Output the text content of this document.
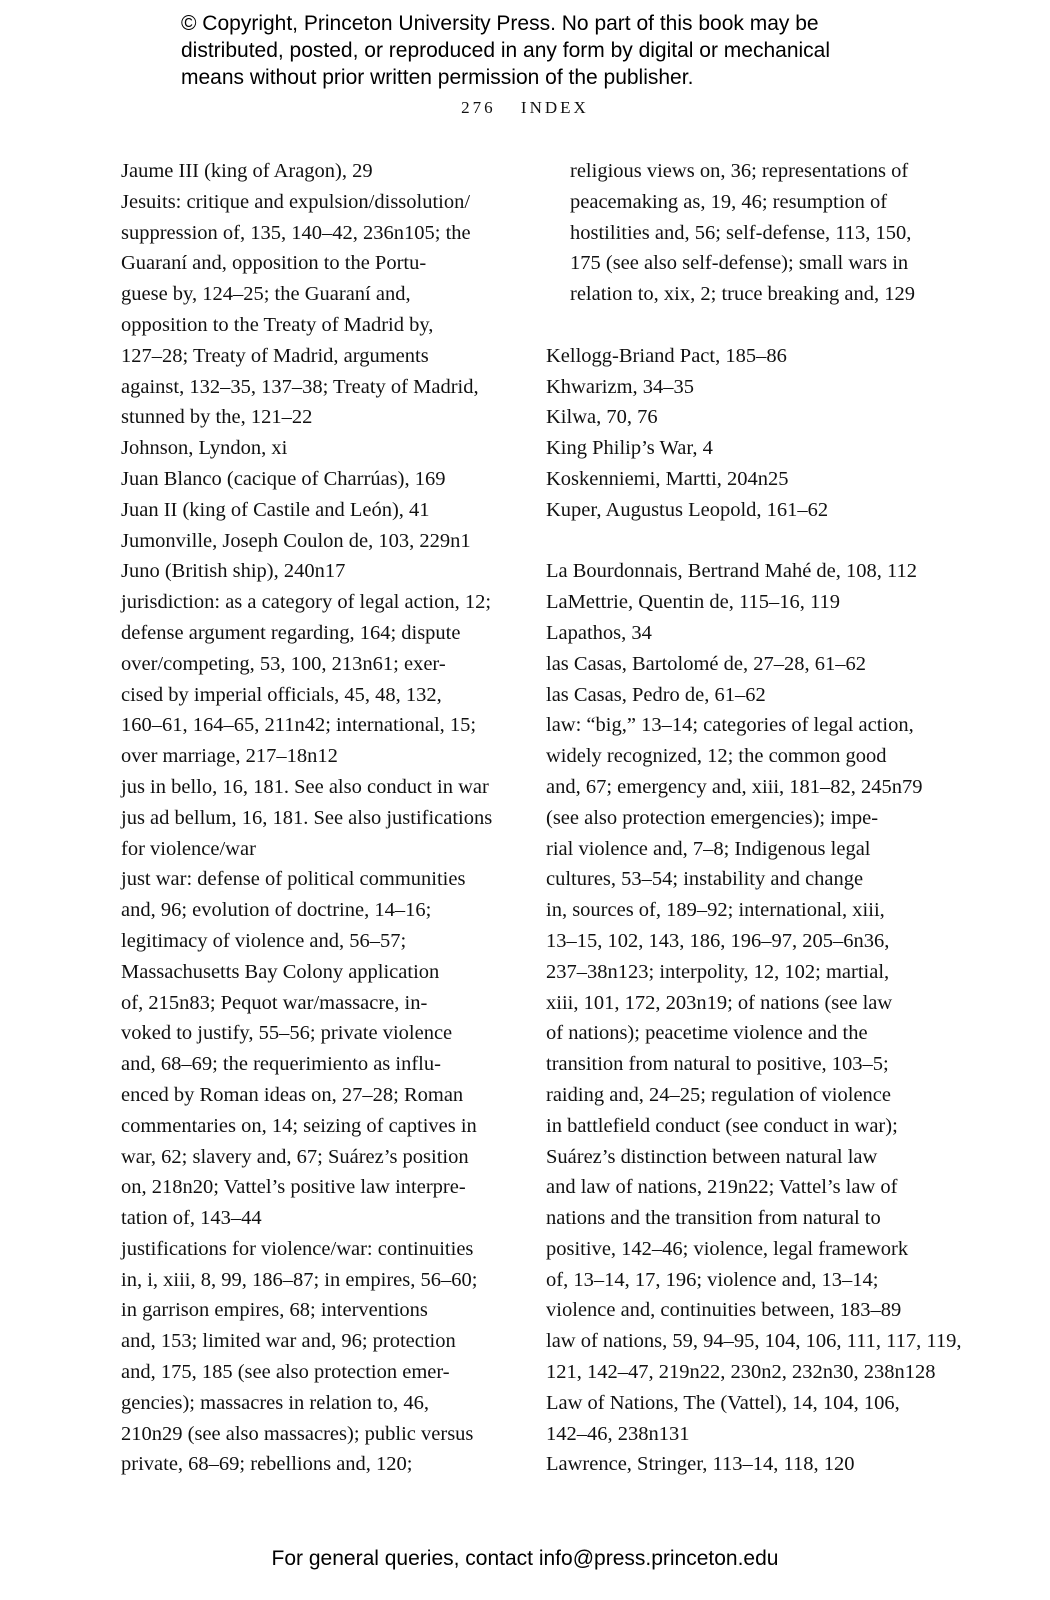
© Copyright, Princeton University Press. No part of this book may be
distributed, posted, or reproduced in any form by digital or mechanical
means without prior written permission of the publisher.
276 INDEX
Jaume III (king of Aragon), 29
Jesuits: critique and expulsion/dissolution/
suppression of, 135, 140–42, 236n105; the
Guaraní and, opposition to the Portu-
guese by, 124–25; the Guaraní and,
opposition to the Treaty of Madrid by,
127–28; Treaty of Madrid, arguments
against, 132–35, 137–38; Treaty of Madrid,
stunned by the, 121–22
Johnson, Lyndon, xi
Juan Blanco (cacique of Charrúas), 169
Juan II (king of Castile and León), 41
Jumonville, Joseph Coulon de, 103, 229n1
Juno (British ship), 240n17
jurisdiction: as a category of legal action, 12;
defense argument regarding, 164; dispute
over/competing, 53, 100, 213n61; exer-
cised by imperial officials, 45, 48, 132,
160–61, 164–65, 211n42; international, 15;
over marriage, 217–18n12
jus in bello, 16, 181. See also conduct in war
jus ad bellum, 16, 181. See also justifications
for violence/war
just war: defense of political communities
and, 96; evolution of doctrine, 14–16;
legitimacy of violence and, 56–57;
Massachusetts Bay Colony application
of, 215n83; Pequot war/massacre, in-
voked to justify, 55–56; private violence
and, 68–69; the requerimiento as influ-
enced by Roman ideas on, 27–28; Roman
commentaries on, 14; seizing of captives in
war, 62; slavery and, 67; Suárez’s position
on, 218n20; Vattel’s positive law interpre-
tation of, 143–44
justifications for violence/war: continuities
in, i, xiii, 8, 99, 186–87; in empires, 56–60;
in garrison empires, 68; interventions
and, 153; limited war and, 96; protection
and, 175, 185 (see also protection emer-
gencies); massacres in relation to, 46,
210n29 (see also massacres); public versus
private, 68–69; rebellions and, 120;
religious views on, 36; representations of
peacemaking as, 19, 46; resumption of
hostilities and, 56; self-defense, 113, 150,
175 (see also self-defense); small wars in
relation to, xix, 2; truce breaking and, 129
Kellogg-Briand Pact, 185–86
Khwarizm, 34–35
Kilwa, 70, 76
King Philip’s War, 4
Koskenniemi, Martti, 204n25
Kuper, Augustus Leopold, 161–62
La Bourdonnais, Bertrand Mahé de, 108, 112
LaMettrie, Quentin de, 115–16, 119
Lapathos, 34
las Casas, Bartolomé de, 27–28, 61–62
las Casas, Pedro de, 61–62
law: “big,” 13–14; categories of legal action,
widely recognized, 12; the common good
and, 67; emergency and, xiii, 181–82, 245n79
(see also protection emergencies); impe-
rial violence and, 7–8; Indigenous legal
cultures, 53–54; instability and change
in, sources of, 189–92; international, xiii,
13–15, 102, 143, 186, 196–97, 205–6n36,
237–38n123; interpolity, 12, 102; martial,
xiii, 101, 172, 203n19; of nations (see law
of nations); peacetime violence and the
transition from natural to positive, 103–5;
raiding and, 24–25; regulation of violence
in battlefield conduct (see conduct in war);
Suárez’s distinction between natural law
and law of nations, 219n22; Vattel’s law of
nations and the transition from natural to
positive, 142–46; violence, legal framework
of, 13–14, 17, 196; violence and, 13–14;
violence and, continuities between, 183–89
law of nations, 59, 94–95, 104, 106, 111, 117, 119,
121, 142–47, 219n22, 230n2, 232n30, 238n128
Law of Nations, The (Vattel), 14, 104, 106,
142–46, 238n131
Lawrence, Stringer, 113–14, 118, 120
For general queries, contact info@press.princeton.edu
